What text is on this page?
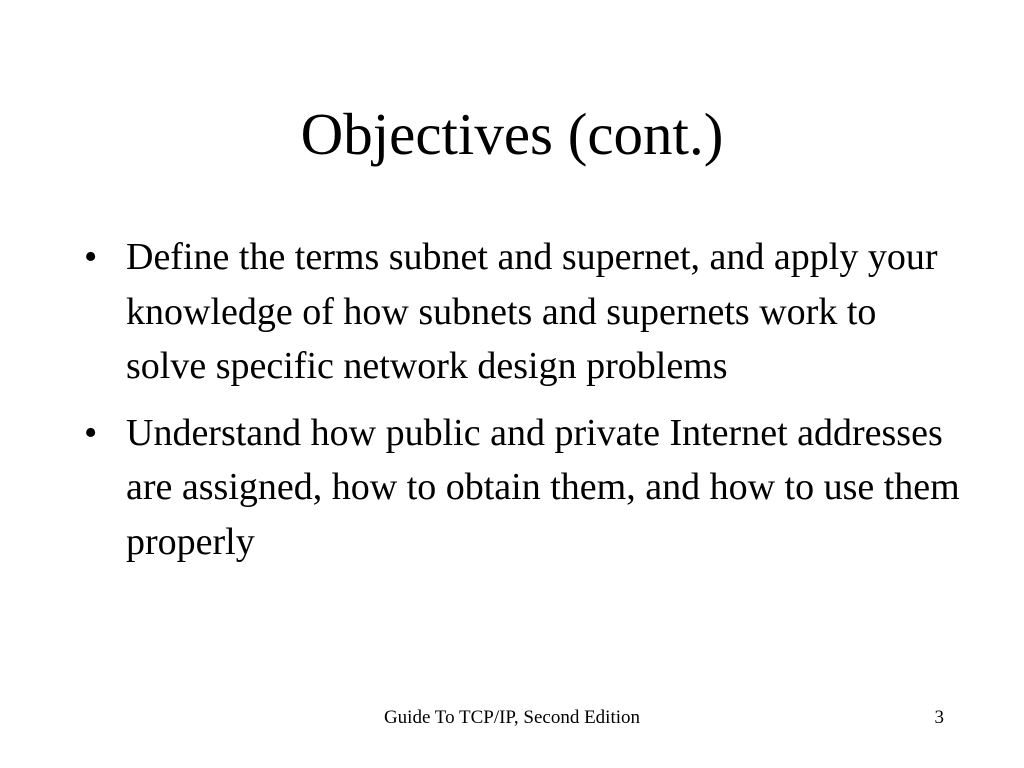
Objectives (cont.)
• Define the terms subnet and supernet, and apply your knowledge of how subnets and supernets work to solve specific network design problems
• Understand how public and private Internet addresses are assigned, how to obtain them, and how to use them properly
Guide To TCP/IP, Second Edition	3
